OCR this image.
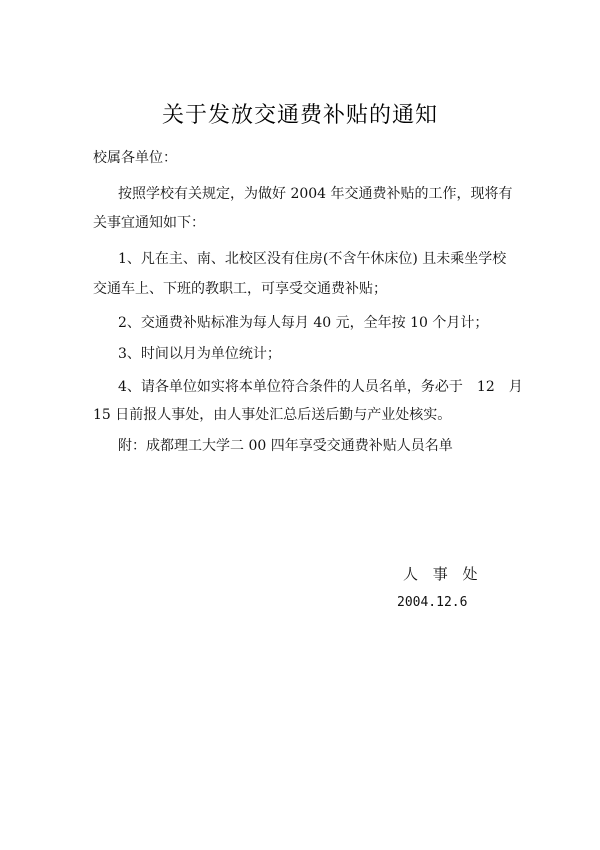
关于发放交通费补贴的通知
校属各单位：
按照学校有关规定，为做好 2004 年交通费补贴的工作，现将有
关事宜通知如下：
1、凡在主、南、北校区没有住房(不含午休床位) 且未乘坐学校
交通车上、下班的教职工，可享受交通费补贴；
2、交通费补贴标准为每人每月 40 元，全年按 10 个月计；
3、时间以月为单位统计；
4、请各单位如实将本单位符合条件的人员名单，务必于　12　月
15 日前报人事处，由人事处汇总后送后勤与产业处核实。
附：成都理工大学二 00 四年享受交通费补贴人员名单
人 事 处
2004.12.6
